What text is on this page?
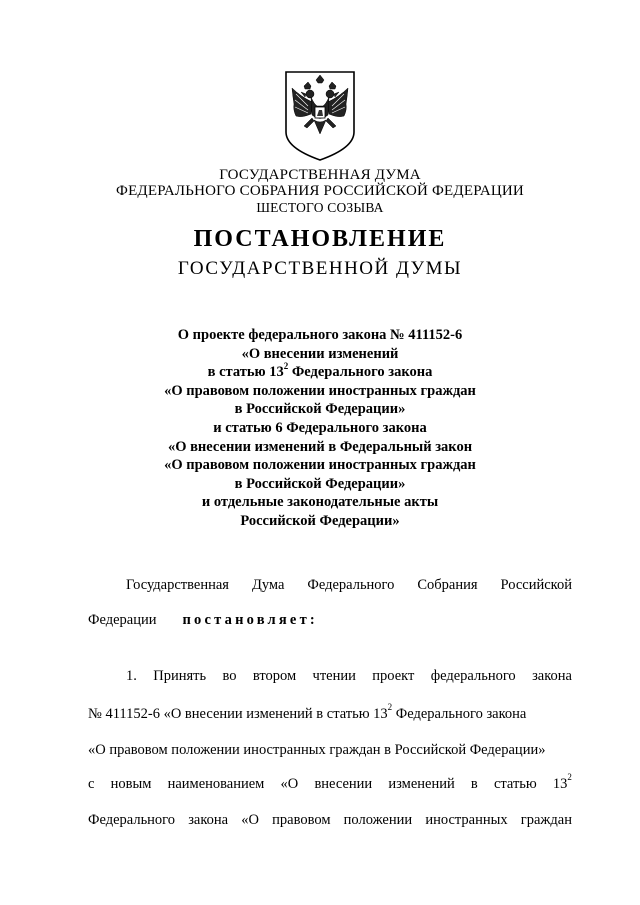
ГОСУДАРСТВЕННАЯ ДУМА
ФЕДЕРАЛЬНОГО СОБРАНИЯ РОССИЙСКОЙ ФЕДЕРАЦИИ
ШЕСТОГО СОЗЫВА
ПОСТАНОВЛЕНИЕ
ГОСУДАРСТВЕННОЙ ДУМЫ
О проекте федерального закона № 411152-6
«О внесении изменений
в статью $13^2$ Федерального закона
«О правовом положении иностранных граждан
в Российской Федерации»
и статью 6 Федерального закона
«О внесении изменений в Федеральный закон
«О правовом положении иностранных граждан
в Российской Федерации»
и отдельные законодательные акты
Российской Федерации»
Государственная Дума Федерального Собрания Российской
Федерации постановляет:
1. Принять во втором чтении проект федерального закона
№ 411152-6 «О внесении изменений в статью $13^2$ Федерального закона
«О правовом положении иностранных граждан в Российской Федерации»
с новым наименованием «О внесении изменений в статью $13^2$
Федерального закона «О правовом положении иностранных граждан
